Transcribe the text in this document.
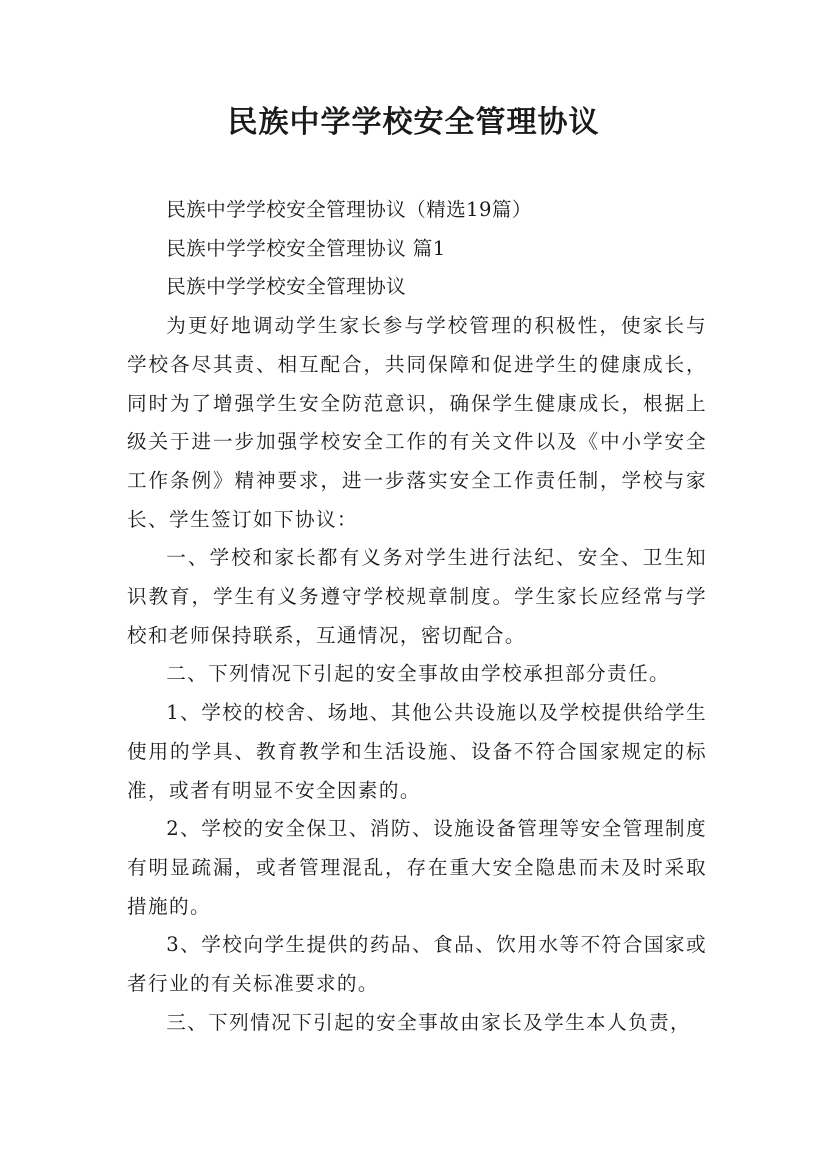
民族中学学校安全管理协议

民族中学学校安全管理协议（精选19篇）

民族中学学校安全管理协议 篇1

民族中学学校安全管理协议

为更好地调动学生家长参与学校管理的积极性，使家长与学校各尽其责、相互配合，共同保障和促进学生的健康成长，同时为了增强学生安全防范意识，确保学生健康成长，根据上级关于进一步加强学校安全工作的有关文件以及《中小学安全工作条例》精神要求，进一步落实安全工作责任制，学校与家长、学生签订如下协议：

一、学校和家长都有义务对学生进行法纪、安全、卫生知识教育，学生有义务遵守学校规章制度。学生家长应经常与学校和老师保持联系，互通情况，密切配合。

二、下列情况下引起的安全事故由学校承担部分责任。

1、学校的校舍、场地、其他公共设施以及学校提供给学生使用的学具、教育教学和生活设施、设备不符合国家规定的标准，或者有明显不安全因素的。

2、学校的安全保卫、消防、设施设备管理等安全管理制度有明显疏漏，或者管理混乱，存在重大安全隐患而未及时采取措施的。

3、学校向学生提供的药品、食品、饮用水等不符合国家或者行业的有关标准要求的。

三、下列情况下引起的安全事故由家长及学生本人负责，
